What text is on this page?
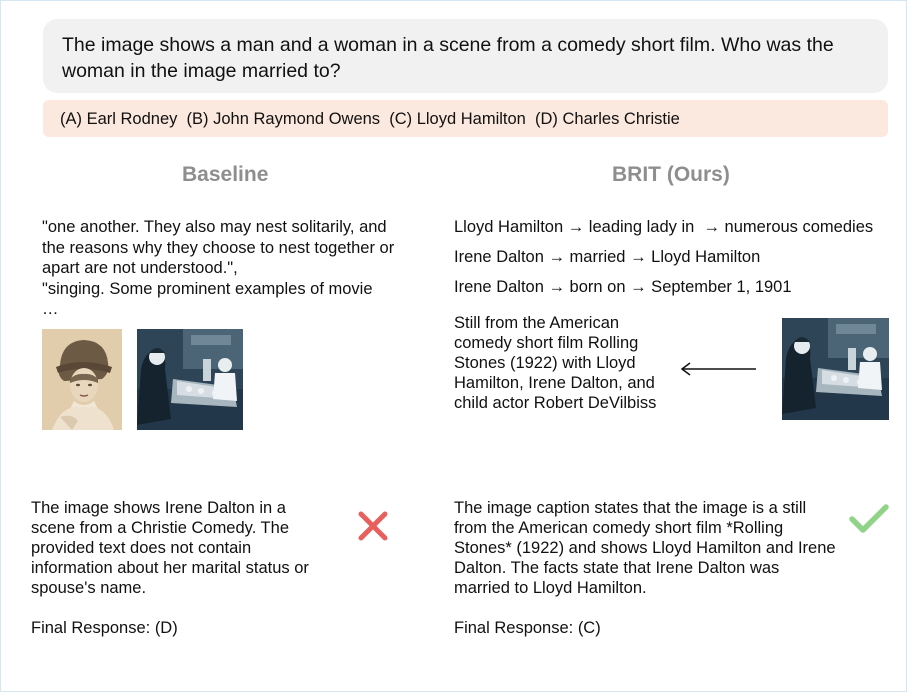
The image shows a man and a woman in a scene from a comedy short film. Who was the woman in the image married to?
(A) Earl Rodney  (B) John Raymond Owens  (C) Lloyd Hamilton  (D) Charles Christie
Baseline	BRIT (Ours)
"one another. They also may nest solitarily, and the reasons why they choose to nest together or apart are not understood.",
"singing. Some prominent examples of movie
…
Lloyd Hamilton → leading lady in  → numerous comedies
Irene Dalton → married → Lloyd Hamilton
Irene Dalton → born on → September 1, 1901
Still from the American comedy short film Rolling Stones (1922) with Lloyd Hamilton, Irene Dalton, and child actor Robert DeVilbiss
The image shows Irene Dalton in a scene from a Christie Comedy. The provided text does not contain information about her marital status or spouse's name.
Final Response: (D)
The image caption states that the image is a still from the American comedy short film *Rolling Stones* (1922) and shows Lloyd Hamilton and Irene Dalton. The facts state that Irene Dalton was married to Lloyd Hamilton.
Final Response: (C)
